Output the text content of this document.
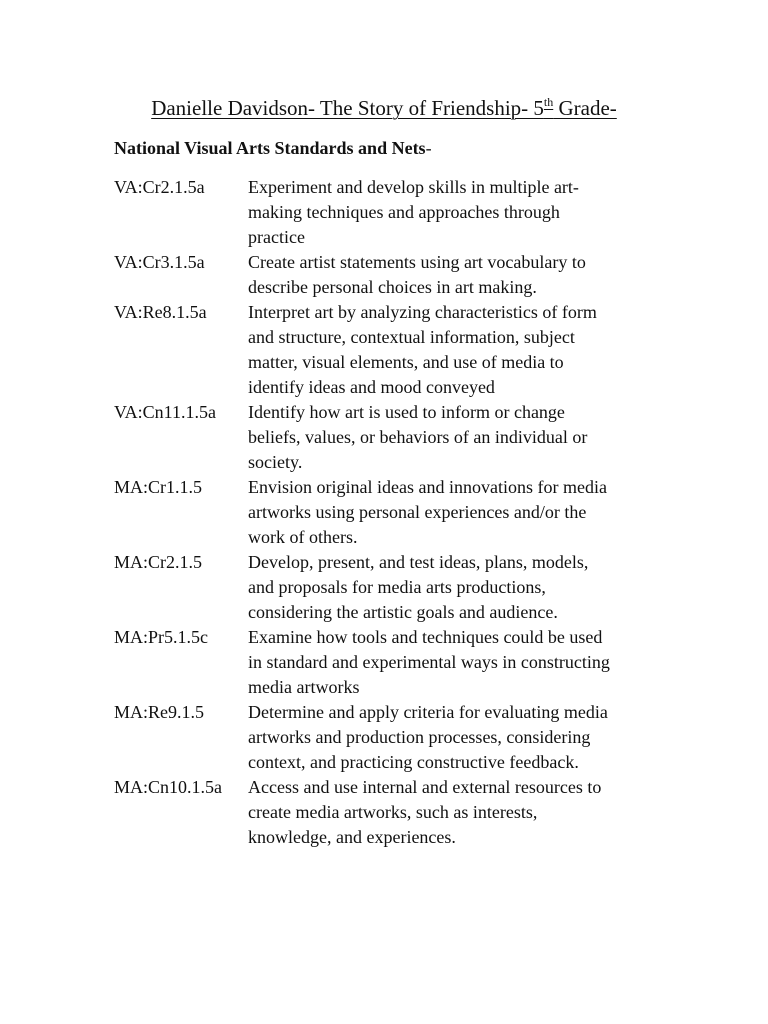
Danielle Davidson- The Story of Friendship- 5th Grade-
National Visual Arts Standards and Nets-
VA:Cr2.1.5a	Experiment and develop skills in multiple art-
making techniques and approaches through
practice
VA:Cr3.1.5a	Create artist statements using art vocabulary to
describe personal choices in art making.
VA:Re8.1.5a	Interpret art by analyzing characteristics of form
and structure, contextual information, subject
matter, visual elements, and use of media to
identify ideas and mood conveyed
VA:Cn11.1.5a	Identify how art is used to inform or change
beliefs, values, or behaviors of an individual or
society.
MA:Cr1.1.5	Envision original ideas and innovations for media
artworks using personal experiences and/or the
work of others.
MA:Cr2.1.5	Develop, present, and test ideas, plans, models,
and proposals for media arts productions,
considering the artistic goals and audience.
MA:Pr5.1.5c	Examine how tools and techniques could be used
in standard and experimental ways in constructing
media artworks
MA:Re9.1.5	Determine and apply criteria for evaluating media
artworks and production processes, considering
context, and practicing constructive feedback.
MA:Cn10.1.5a	Access and use internal and external resources to
create media artworks, such as interests,
knowledge, and experiences.
